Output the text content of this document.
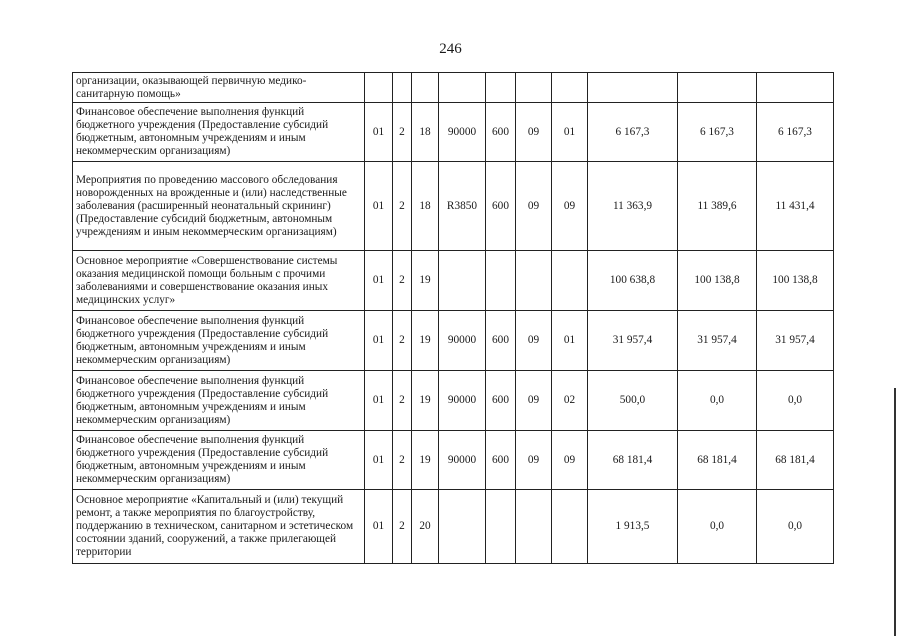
246
организации, оказывающей первичную медико-санитарную помощь»										
Финансовое обеспечение выполнения функций бюджетного учреждения (Предоставление субсидий бюджетным, автономным учреждениям и иным некоммерческим организациям)	01	2	18	90000	600	09	01	6 167,3	6 167,3	6 167,3
Мероприятия по проведению массового обследования новорожденных на врожденные и (или) наследственные заболевания (расширенный неонатальный скрининг) (Предоставление субсидий бюджетным, автономным учреждениям и иным некоммерческим организациям)	01	2	18	R3850	600	09	09	11 363,9	11 389,6	11 431,4
Основное мероприятие «Совершенствование системы оказания медицинской помощи больным с прочими заболеваниями и совершенствование оказания иных медицинских услуг»	01	2	19					100 638,8	100 138,8	100 138,8
Финансовое обеспечение выполнения функций бюджетного учреждения (Предоставление субсидий бюджетным, автономным учреждениям и иным некоммерческим организациям)	01	2	19	90000	600	09	01	31 957,4	31 957,4	31 957,4
Финансовое обеспечение выполнения функций бюджетного учреждения (Предоставление субсидий бюджетным, автономным учреждениям и иным некоммерческим организациям)	01	2	19	90000	600	09	02	500,0	0,0	0,0
Финансовое обеспечение выполнения функций бюджетного учреждения (Предоставление субсидий бюджетным, автономным учреждениям и иным некоммерческим организациям)	01	2	19	90000	600	09	09	68 181,4	68 181,4	68 181,4
Основное мероприятие «Капитальный и (или) текущий ремонт, а также мероприятия по благоустройству, поддержанию в техническом, санитарном и эстетическом состоянии зданий, сооружений, а также прилегающей территории	01	2	20					1 913,5	0,0	0,0
